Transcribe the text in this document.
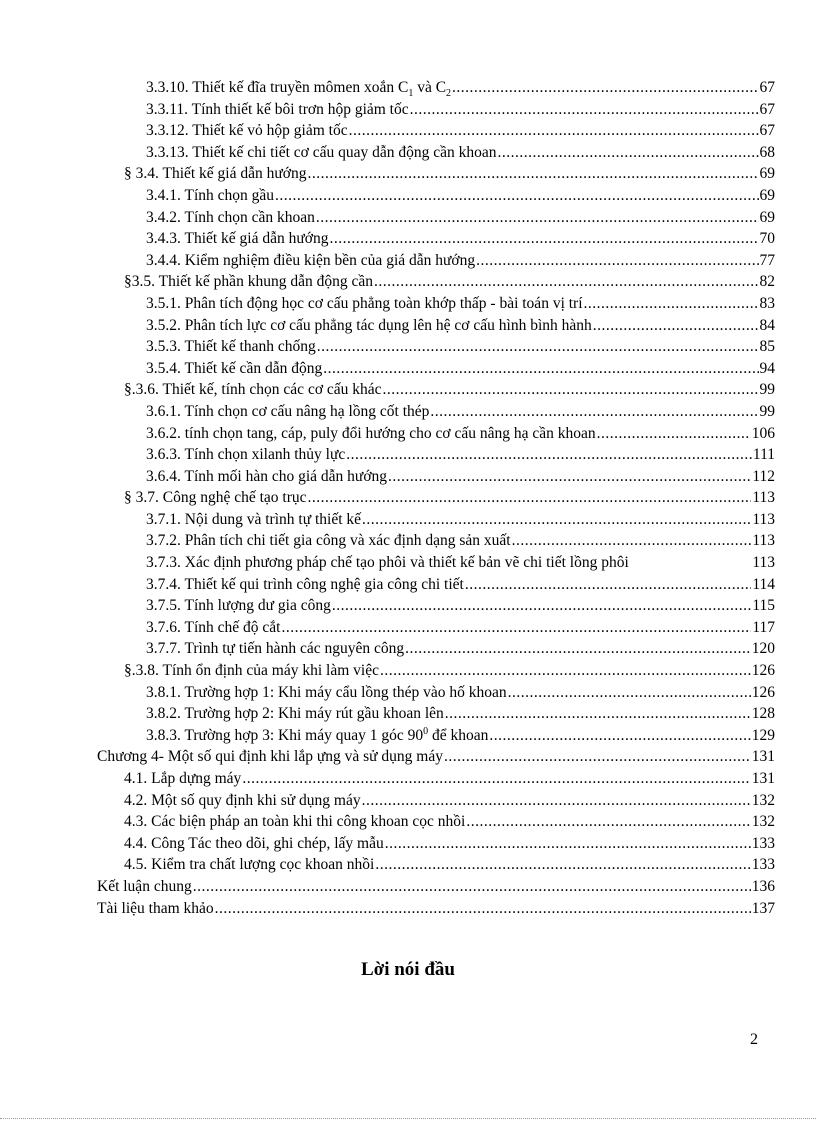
3.3.10. Thiết kế đĩa truyền mômen xoắn $C_1$ và $C_2$ .....	67
3.3.11. Tính thiết kế bôi trơn hộp giảm tốc .....	67
3.3.12. Thiết kế vỏ hộp giảm tốc .....	67
3.3.13. Thiết kế chi tiết cơ cấu quay dẫn động cần khoan .....	68
§ 3.4. Thiết kế giá dẫn hướng .....	69
3.4.1. Tính chọn gầu .....	69
3.4.2. Tính chọn cần khoan .....	69
3.4.3. Thiết kế giá dẫn hướng .....	70
3.4.4. Kiểm nghiệm điều kiện bền của giá dẫn hướng .....	77
§3.5. Thiết kế phần khung dẫn động cần .....	82
3.5.1. Phân tích động học cơ cấu phẳng toàn khớp thấp - bài toán vị trí .....	83
3.5.2. Phân tích lực cơ cấu phẳng tác dụng lên hệ cơ cấu hình bình hành .....	84
3.5.3. Thiết kế thanh chống .....	85
3.5.4. Thiết kế cần dẫn động .....	94
§.3.6. Thiết kế, tính chọn các cơ cấu khác .....	99
3.6.1. Tính chọn cơ cấu nâng hạ lồng cốt thép .....	99
3.6.2. tính chọn tang, cáp, puly đổi hướng cho cơ cấu nâng hạ cần khoan .....	106
3.6.3. Tính chọn xilanh thủy lực .....	111
3.6.4. Tính mối hàn cho giá dẫn hướng .....	112
§ 3.7. Công nghệ chế tạo trục .....	113
3.7.1. Nội dung và trình tự thiết kế .....	113
3.7.2. Phân tích chi tiết gia công và xác định dạng sản xuất .....	113
3.7.3. Xác định phương pháp chế tạo phôi và thiết kế bản vẽ chi tiết lồng phôi	113
3.7.4. Thiết kế qui trình công nghệ gia công chi tiết .....	114
3.7.5. Tính lượng dư gia công .....	115
3.7.6. Tính chế độ cắt .....	117
3.7.7. Trình tự tiến hành các nguyên công .....	120
§.3.8. Tính ổn định của máy khi làm việc .....	126
3.8.1. Trường hợp 1: Khi máy cẩu lồng thép vào hố khoan .....	126
3.8.2. Trường hợp 2: Khi máy rút gầu khoan lên .....	128
3.8.3. Trường hợp 3: Khi máy quay 1 góc $90^0$ để khoan .....	129
Chương 4- Một số qui định khi lắp ựng và sử dụng máy .....	131
4.1. Lắp dựng máy .....	131
4.2. Một số quy định khi sử dụng máy .....	132
4.3. Các biện pháp an toàn khi thi công khoan cọc nhồi .....	132
4.4. Công Tác theo dõi, ghi chép, lấy mẫu .....	133
4.5. Kiểm tra chất lượng cọc khoan nhồi .....	133
Kết luận chung .....	136
Tài liệu tham khảo .....	137
Lời nói đầu
2
